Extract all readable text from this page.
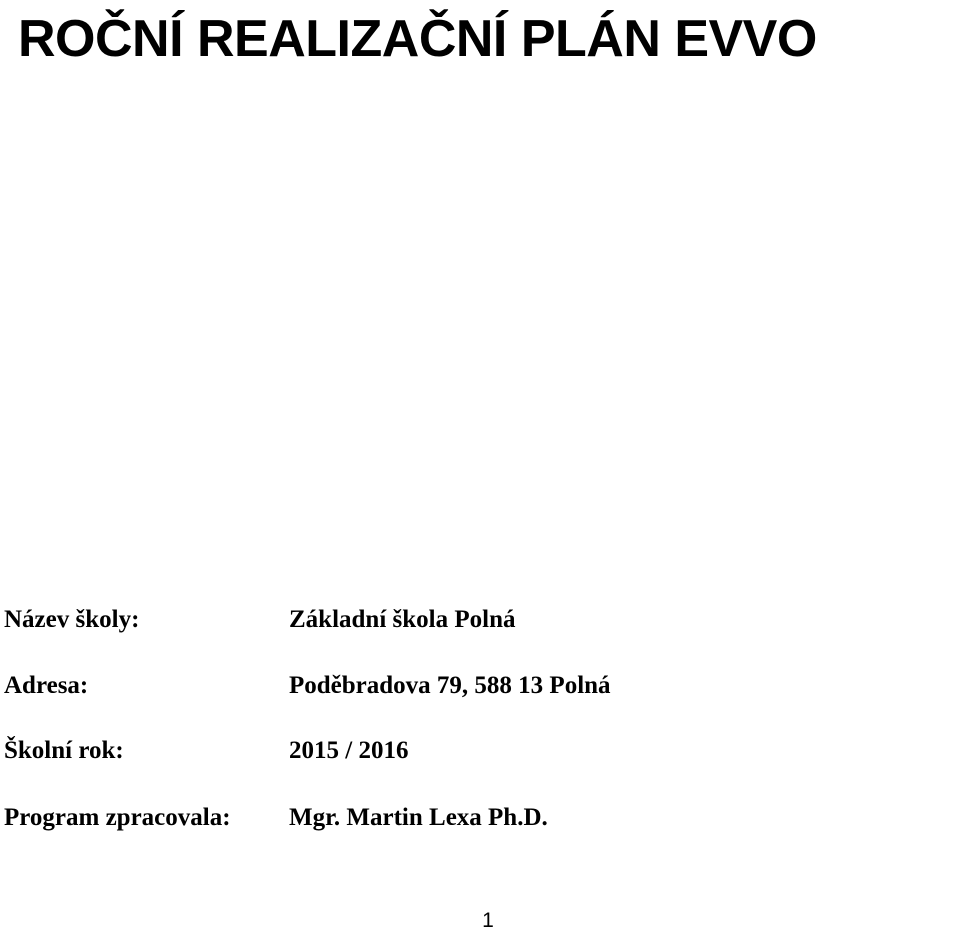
ROČNÍ REALIZAČNÍ PLÁN EVVO
Název školy:	Základní škola Polná
Adresa:	Poděbradova 79, 588 13 Polná
Školní rok:	2015 / 2016
Program zpracovala: Mgr. Martin Lexa Ph.D.
1
